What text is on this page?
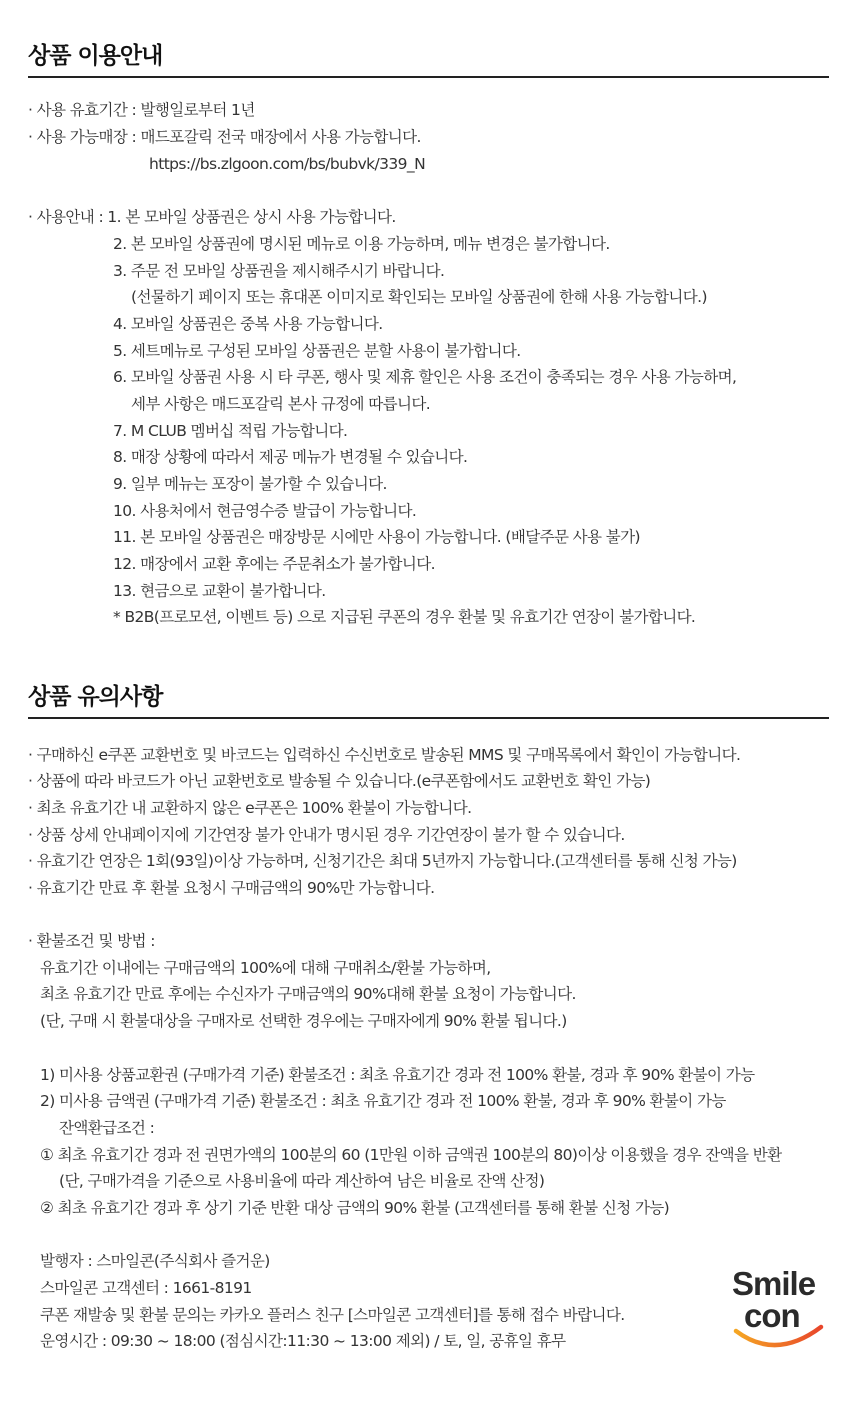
상품 이용안내
· 사용 유효기간 : 발행일로부터 1년
· 사용 가능매장 : 매드포갈릭 전국 매장에서 사용 가능합니다.
https://bs.zlgoon.com/bs/bubvk/339_N
· 사용안내 : 1. 본 모바일 상품권은 상시 사용 가능합니다.
2. 본 모바일 상품권에 명시된 메뉴로 이용 가능하며, 메뉴 변경은 불가합니다.
3. 주문 전 모바일 상품권을 제시해주시기 바랍니다.
(선물하기 페이지 또는 휴대폰 이미지로 확인되는 모바일 상품권에 한해 사용 가능합니다.)
4. 모바일 상품권은 중복 사용 가능합니다.
5. 세트메뉴로 구성된 모바일 상품권은 분할 사용이 불가합니다.
6. 모바일 상품권 사용 시 타 쿠폰, 행사 및 제휴 할인은 사용 조건이 충족되는 경우 사용 가능하며,
세부 사항은 매드포갈릭 본사 규정에 따릅니다.
7. M CLUB 멤버십 적립 가능합니다.
8. 매장 상황에 따라서 제공 메뉴가 변경될 수 있습니다.
9. 일부 메뉴는 포장이 불가할 수 있습니다.
10. 사용처에서 현금영수증 발급이 가능합니다.
11. 본 모바일 상품권은 매장방문 시에만 사용이 가능합니다. (배달주문 사용 불가)
12. 매장에서 교환 후에는 주문취소가 불가합니다.
13. 현금으로 교환이 불가합니다.
* B2B(프로모션, 이벤트 등) 으로 지급된 쿠폰의 경우 환불 및 유효기간 연장이 불가합니다.
상품 유의사항
· 구매하신 e쿠폰 교환번호 및 바코드는 입력하신 수신번호로 발송된 MMS 및 구매목록에서 확인이 가능합니다.
· 상품에 따라 바코드가 아닌 교환번호로 발송될 수 있습니다.(e쿠폰함에서도 교환번호 확인 가능)
· 최초 유효기간 내 교환하지 않은 e쿠폰은 100% 환불이 가능합니다.
· 상품 상세 안내페이지에 기간연장 불가 안내가 명시된 경우 기간연장이 불가 할 수 있습니다.
· 유효기간 연장은 1회(93일)이상 가능하며, 신청기간은 최대 5년까지 가능합니다.(고객센터를 통해 신청 가능)
· 유효기간 만료 후 환불 요청시 구매금액의 90%만 가능합니다.
· 환불조건 및 방법 :
유효기간 이내에는 구매금액의 100%에 대해 구매취소/환불 가능하며,
최초 유효기간 만료 후에는 수신자가 구매금액의 90%대해 환불 요청이 가능합니다.
(단, 구매 시 환불대상을 구매자로 선택한 경우에는 구매자에게 90% 환불 됩니다.)
1) 미사용 상품교환권 (구매가격 기준) 환불조건 : 최초 유효기간 경과 전 100% 환불, 경과 후 90% 환불이 가능
2) 미사용 금액권 (구매가격 기준) 환불조건 : 최초 유효기간 경과 전 100% 환불, 경과 후 90% 환불이 가능
잔액환급조건 :
① 최초 유효기간 경과 전 권면가액의 100분의 60 (1만원 이하 금액권 100분의 80)이상 이용했을 경우 잔액을 반환
(단, 구매가격을 기준으로 사용비율에 따라 계산하여 남은 비율로 잔액 산정)
② 최초 유효기간 경과 후 상기 기준 반환 대상 금액의 90% 환불 (고객센터를 통해 환불 신청 가능)
발행자 : 스마일콘(주식회사 즐거운)
스마일콘 고객센터 : 1661-8191
쿠폰 재발송 및 환불 문의는 카카오 플러스 친구 [스마일콘 고객센터]를 통해 접수 바랍니다.
운영시간 : 09:30 ~ 18:00 (점심시간:11:30 ~ 13:00 제외) / 토, 일, 공휴일 휴무
Smile
con
